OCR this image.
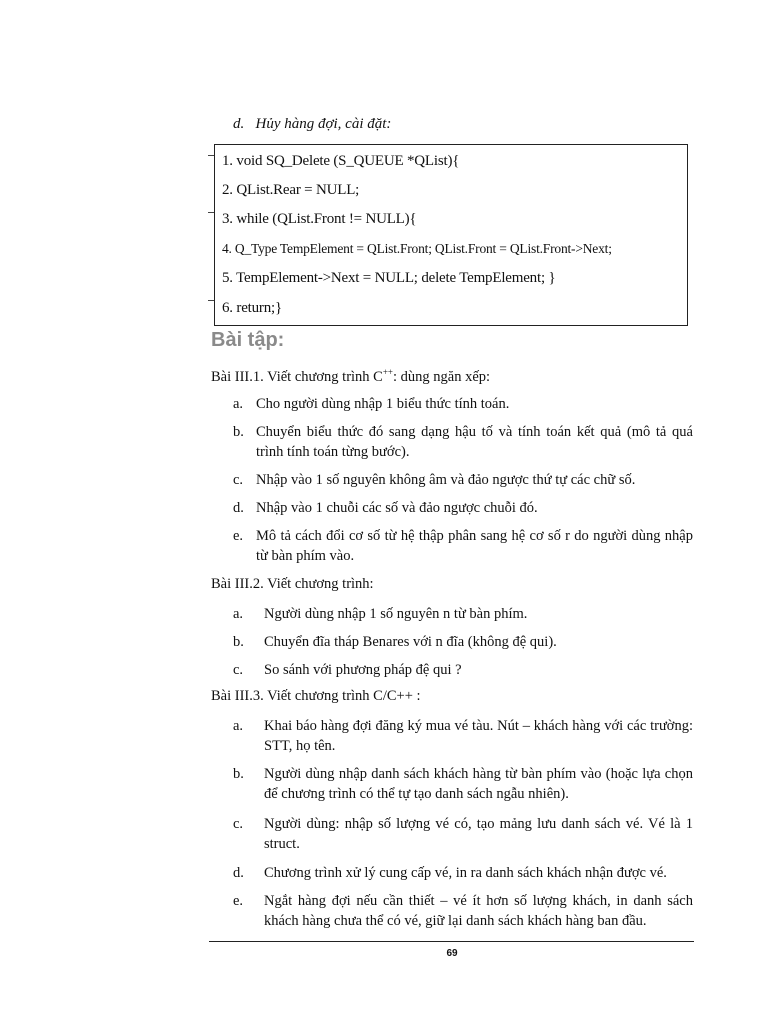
d. Hủy hàng đợi, cài đặt:
1. void SQ_Delete (S_QUEUE *QList){
2. QList.Rear = NULL;
3. while (QList.Front != NULL){
4. Q_Type TempElement = QList.Front; QList.Front = QList.Front->Next;
5. TempElement->Next = NULL; delete TempElement; }
6. return;}
Bài tập:
Bài III.1. Viết chương trình C++: dùng ngăn xếp:
a. Cho người dùng nhập 1 biểu thức tính toán.
b. Chuyển biểu thức đó sang dạng hậu tố và tính toán kết quả (mô tả quá trình tính toán từng bước).
c. Nhập vào 1 số nguyên không âm và đảo ngược thứ tự các chữ số.
d. Nhập vào 1 chuỗi các số và đảo ngược chuỗi đó.
e. Mô tả cách đổi cơ số từ hệ thập phân sang hệ cơ số r do người dùng nhập từ bàn phím vào.
Bài III.2. Viết chương trình:
a. Người dùng nhập 1 số nguyên n từ bàn phím.
b. Chuyển đĩa tháp Benares với n đĩa (không đệ qui).
c. So sánh với phương pháp đệ qui ?
Bài III.3. Viết chương trình C/C++ :
a. Khai báo hàng đợi đăng ký mua vé tàu. Nút – khách hàng với các trường: STT, họ tên.
b. Người dùng nhập danh sách khách hàng từ bàn phím vào (hoặc lựa chọn để chương trình có thể tự tạo danh sách ngẫu nhiên).
c. Người dùng: nhập số lượng vé có, tạo mảng lưu danh sách vé. Vé là 1 struct.
d. Chương trình xử lý cung cấp vé, in ra danh sách khách nhận được vé.
e. Ngắt hàng đợi nếu cần thiết – vé ít hơn số lượng khách, in danh sách khách hàng chưa thể có vé, giữ lại danh sách khách hàng ban đầu.
69
